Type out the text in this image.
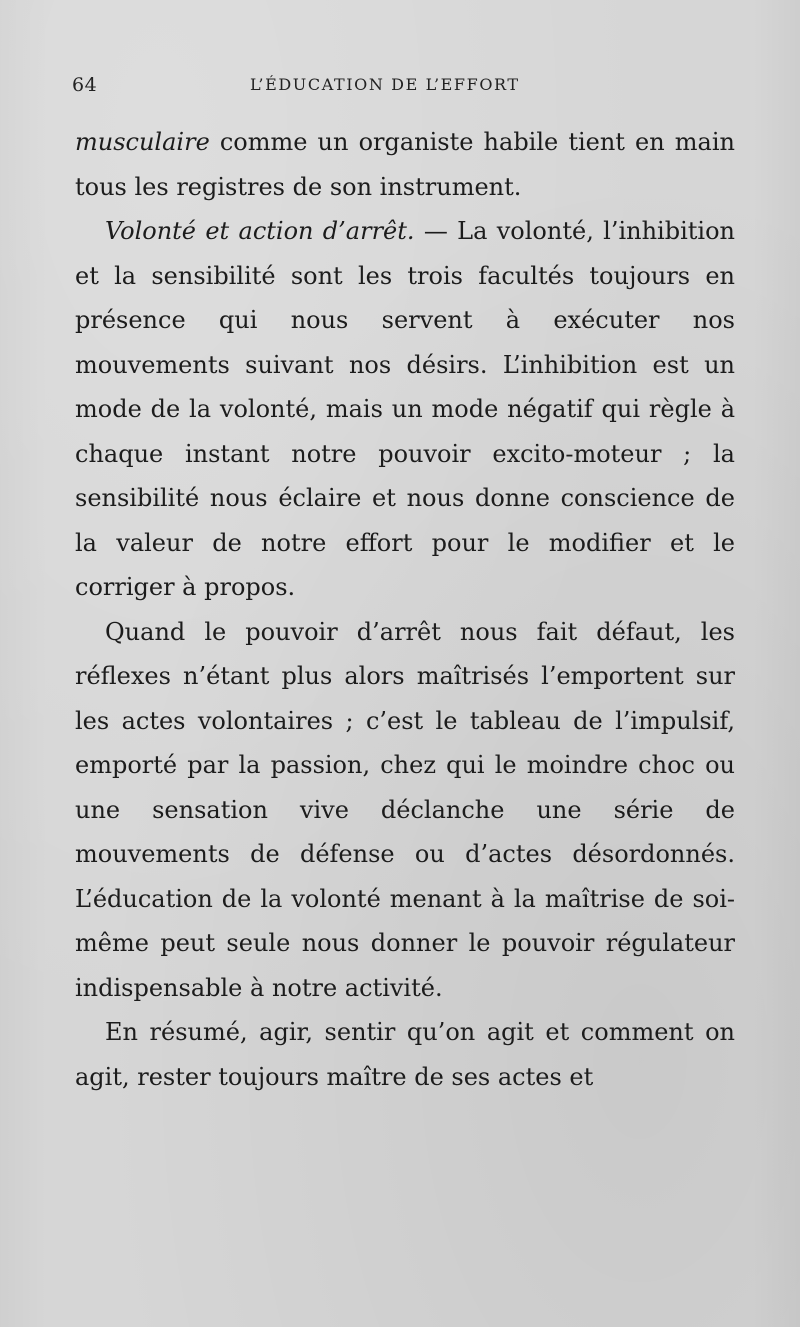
64	L’ÉDUCATION DE L’EFFORT

musculaire comme un organiste habile tient en main tous les registres de son instrument.

Volonté et action d’arrêt. — La volonté, l’inhibition et la sensibilité sont les trois facultés toujours en présence qui nous servent à exécuter nos mouvements suivant nos désirs. L’inhibition est un mode de la volonté, mais un mode négatif qui règle à chaque instant notre pouvoir excito-moteur ; la sensibilité nous éclaire et nous donne conscience de la valeur de notre effort pour le modifier et le corriger à propos.

Quand le pouvoir d’arrêt nous fait défaut, les réflexes n’étant plus alors maîtrisés l’emportent sur les actes volontaires ; c’est le tableau de l’impulsif, emporté par la passion, chez qui le moindre choc ou une sensation vive déclanche une série de mouvements de défense ou d’actes désordonnés. L’éducation de la volonté menant à la maîtrise de soi-même peut seule nous donner le pouvoir régulateur indispensable à notre activité.

En résumé, agir, sentir qu’on agit et comment on agit, rester toujours maître de ses actes et
